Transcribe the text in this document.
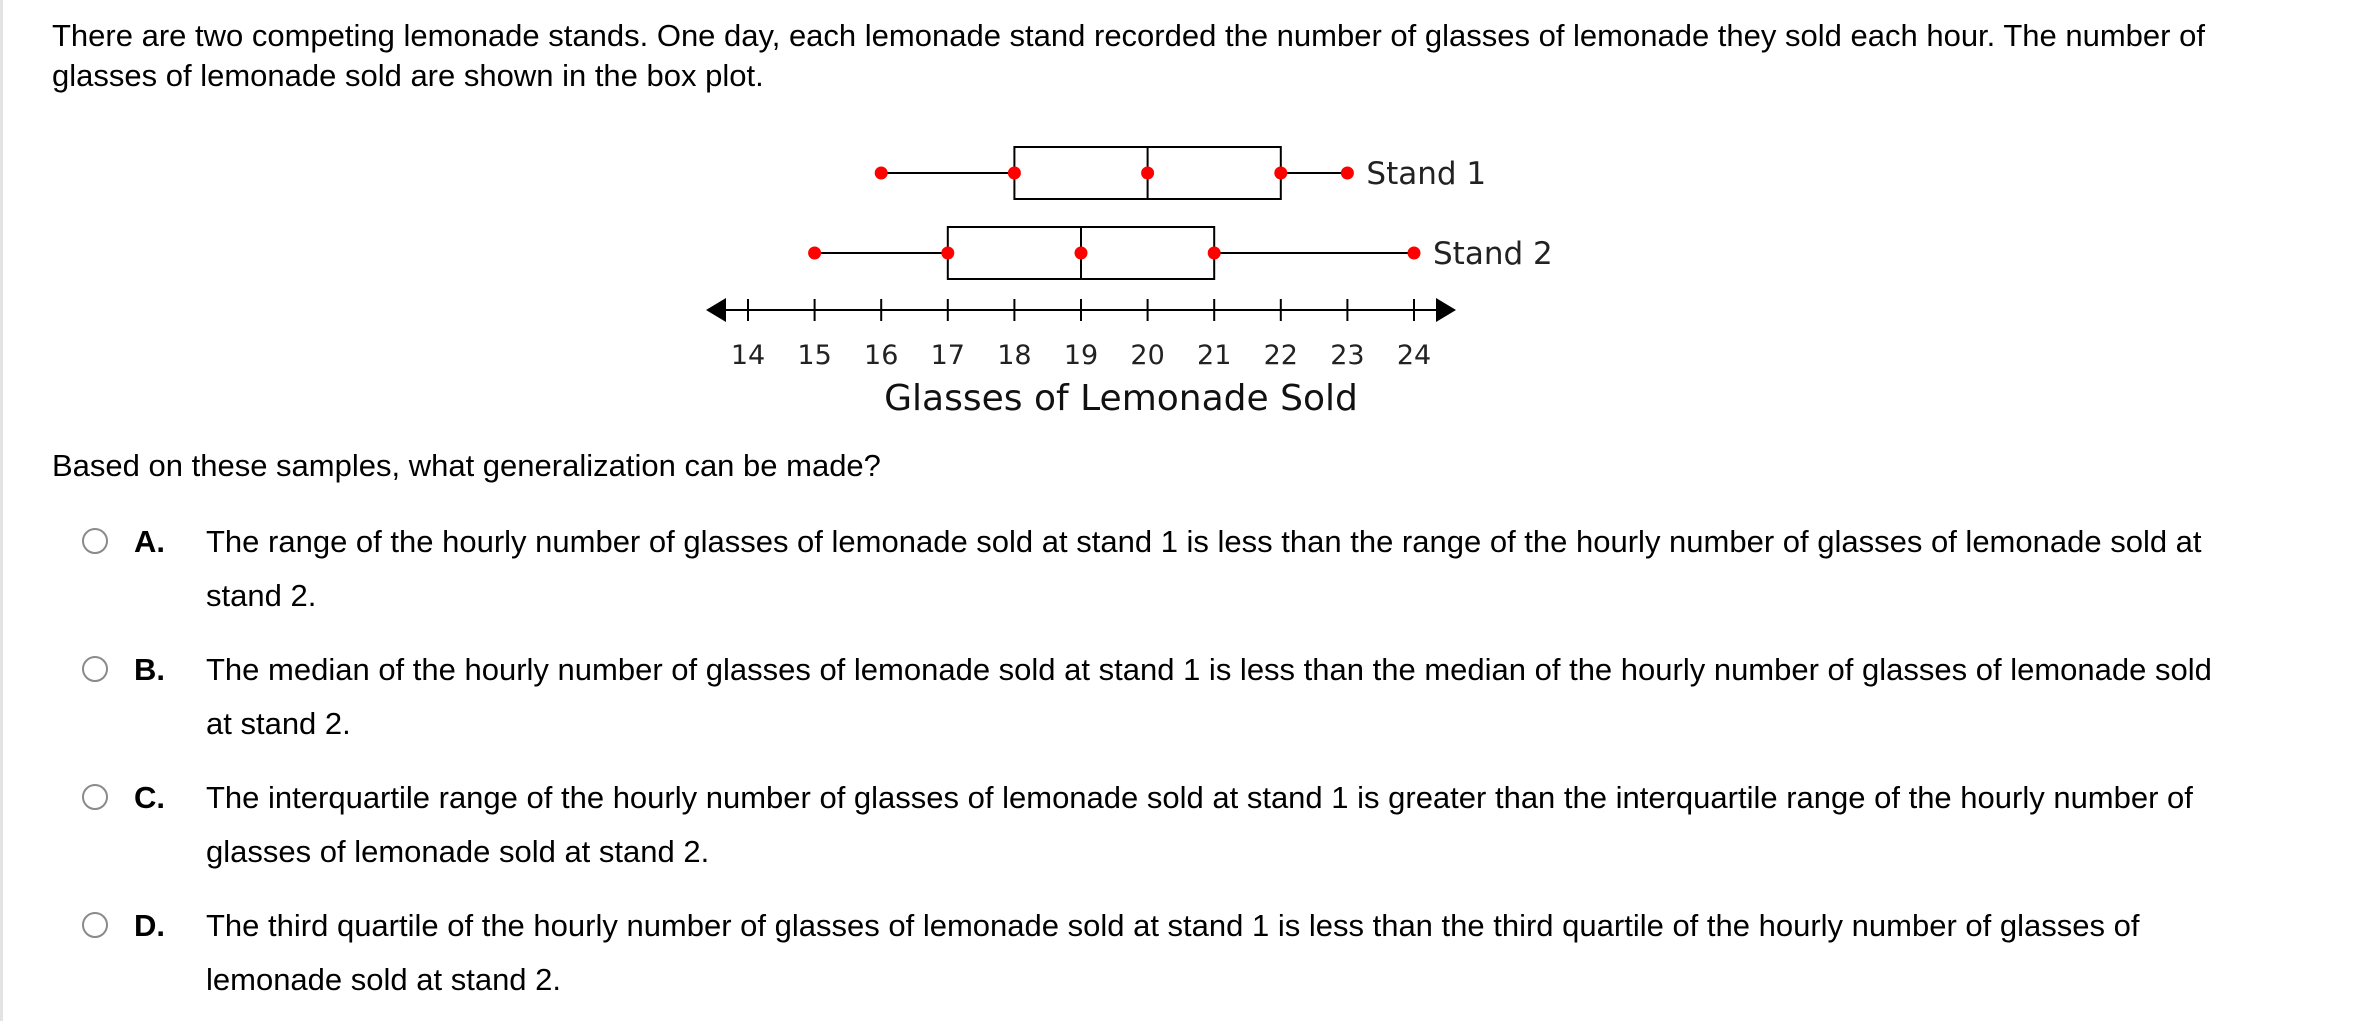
There are two competing lemonade stands. One day, each lemonade stand recorded the number of glasses of lemonade they sold each hour. The number of glasses of lemonade sold are shown in the box plot.
Stand 1
Stand 2
14 15 16 17 18 19 20 21 22 23 24
Glasses of Lemonade Sold
Based on these samples, what generalization can be made?
A. The range of the hourly number of glasses of lemonade sold at stand 1 is less than the range of the hourly number of glasses of lemonade sold at stand 2.
B. The median of the hourly number of glasses of lemonade sold at stand 1 is less than the median of the hourly number of glasses of lemonade sold at stand 2.
C. The interquartile range of the hourly number of glasses of lemonade sold at stand 1 is greater than the interquartile range of the hourly number of glasses of lemonade sold at stand 2.
D. The third quartile of the hourly number of glasses of lemonade sold at stand 1 is less than the third quartile of the hourly number of glasses of lemonade sold at stand 2.
